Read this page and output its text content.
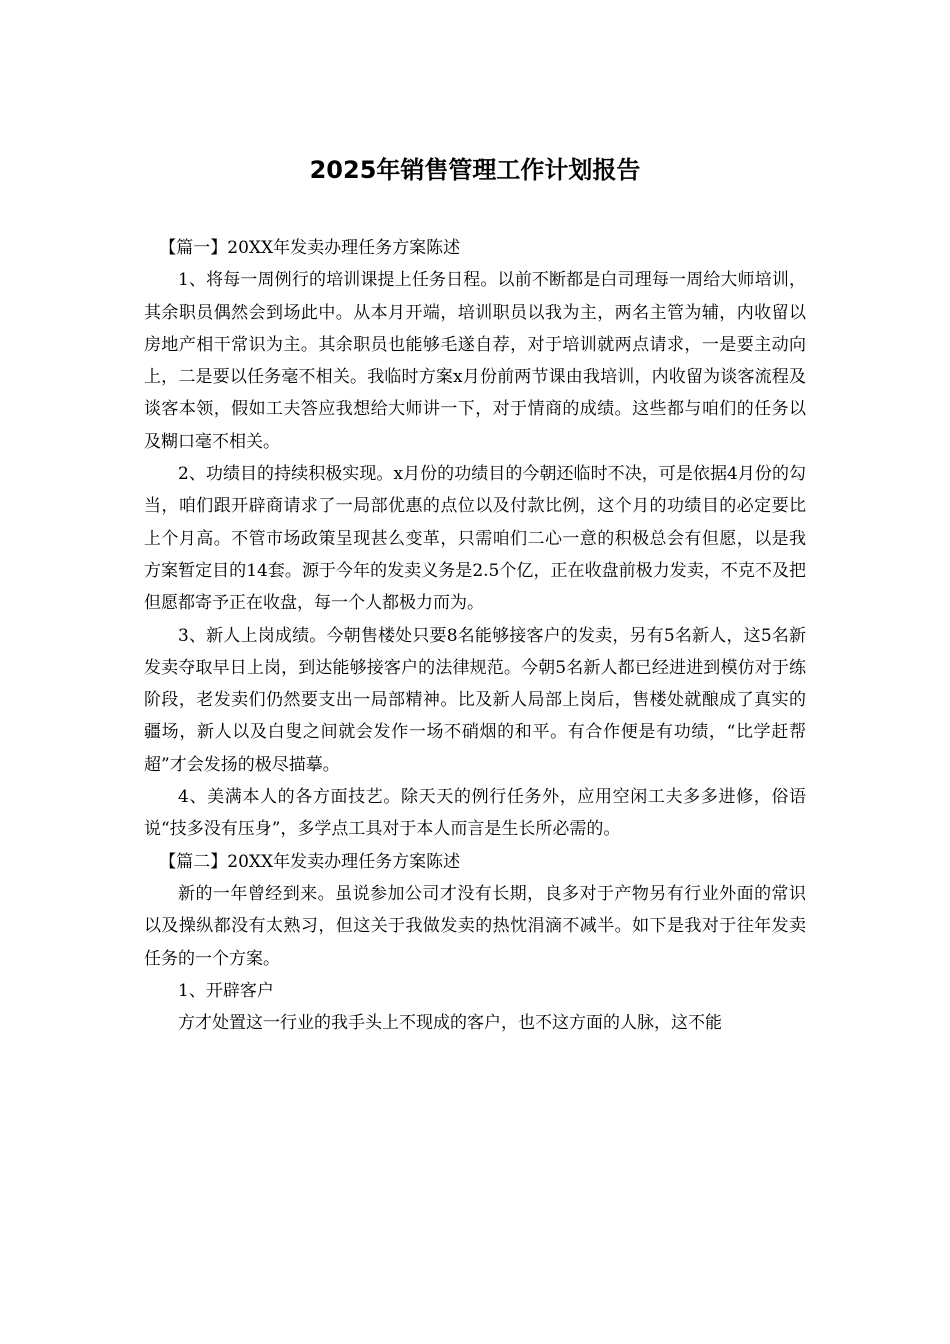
2025年销售管理工作计划报告

【篇一】20XX年发卖办理任务方案陈述

1、将每一周例行的培训课提上任务日程。以前不断都是白司理每一周给大师培训，其余职员偶然会到场此中。从本月开端，培训职员以我为主，两名主管为辅，内收留以房地产相干常识为主。其余职员也能够毛遂自荐，对于培训就两点请求，一是要主动向上，二是要以任务毫不相关。我临时方案x月份前两节课由我培训，内收留为谈客流程及谈客本领，假如工夫答应我想给大师讲一下，对于情商的成绩。这些都与咱们的任务以及糊口毫不相关。

2、功绩目的持续积极实现。x月份的功绩目的今朝还临时不决，可是依据4月份的勾当，咱们跟开辟商请求了一局部优惠的点位以及付款比例，这个月的功绩目的必定要比上个月高。不管市场政策呈现甚么变革，只需咱们二心一意的积极总会有但愿，以是我方案暂定目的14套。源于今年的发卖义务是2.5个亿，正在收盘前极力发卖，不克不及把但愿都寄予正在收盘，每一个人都极力而为。

3、新人上岗成绩。今朝售楼处只要8名能够接客户的发卖，另有5名新人，这5名新发卖夺取早日上岗，到达能够接客户的法律规范。今朝5名新人都已经进进到模仿对于练阶段，老发卖们仍然要支出一局部精神。比及新人局部上岗后，售楼处就酿成了真实的疆场，新人以及白叟之间就会发作一场不硝烟的和平。有合作便是有功绩，“比学赶帮超”才会发扬的极尽描摹。

4、美满本人的各方面技艺。除天天的例行任务外，应用空闲工夫多多进修，俗语说“技多没有压身”，多学点工具对于本人而言是生长所必需的。

【篇二】20XX年发卖办理任务方案陈述

新的一年曾经到来。虽说参加公司才没有长期，良多对于产物另有行业外面的常识以及操纵都没有太熟习，但这关于我做发卖的热忱涓滴不减半。如下是我对于往年发卖任务的一个方案。

1、开辟客户

方才处置这一行业的我手头上不现成的客户，也不这方面的人脉，这不能
